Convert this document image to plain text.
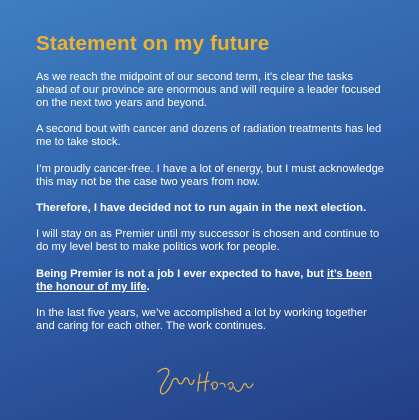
Statement on my future

As we reach the midpoint of our second term, it’s clear the tasks ahead of our province are enormous and will require a leader focused on the next two years and beyond.

A second bout with cancer and dozens of radiation treatments has led me to take stock.

I’m proudly cancer-free. I have a lot of energy, but I must acknowledge this may not be the case two years from now.

Therefore, I have decided not to run again in the next election.

I will stay on as Premier until my successor is chosen and continue to do my level best to make politics work for people.

Being Premier is not a job I ever expected to have, but it’s been the honour of my life.

In the last five years, we’ve accomplished a lot by working together and caring for each other. The work continues.
